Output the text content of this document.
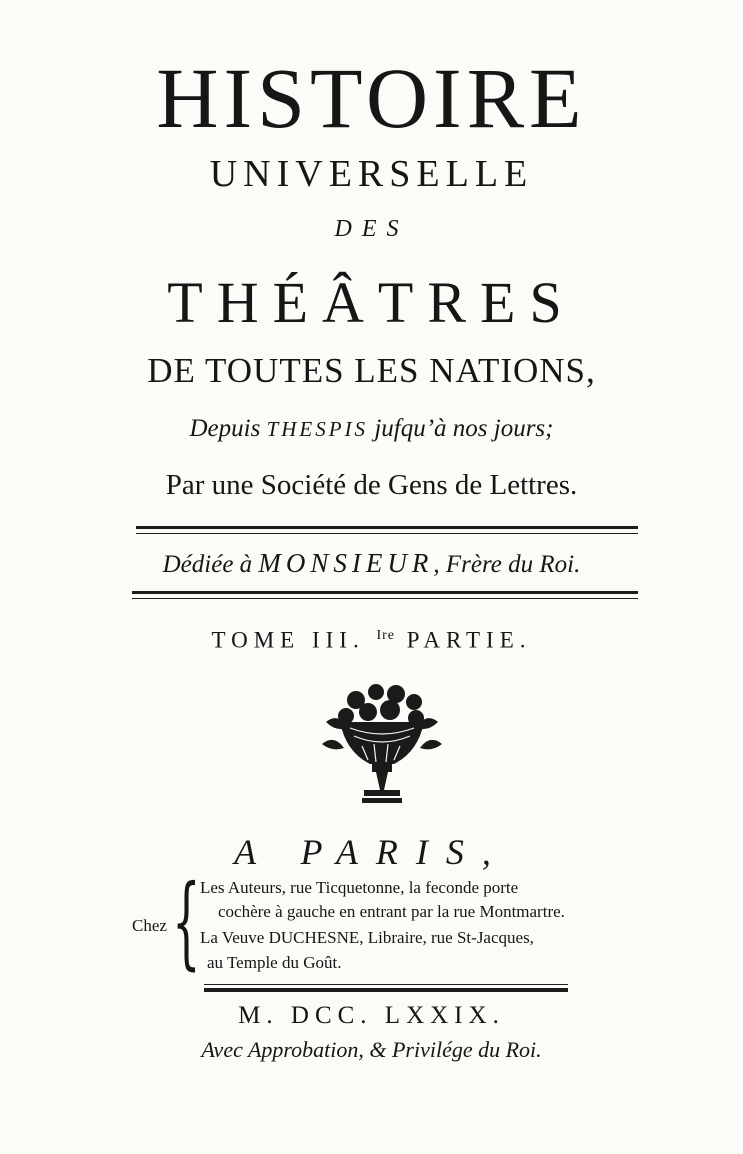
HISTOIRE
UNIVERSELLE
DES
THÉÂTRES
DE TOUTES LES NATIONS,
Depuis THESPIS jufqu’à nos jours;
Par une Société de Gens de Lettres.
Dédiée à MONSIEUR, Frère du Roi.
TOME III. $^{Ire}$ PARTIE.
A PARIS,
Chez { Les Auteurs, rue Ticquetonne, la feconde porte
cochère à gauche en entrant par la rue Montmartre.
La Veuve DUCHESNE, Libraire, rue St-Jacques,
au Temple du Goût.
M. DCC. LXXIX.
Avec Approbation, & Privilége du Roi.
